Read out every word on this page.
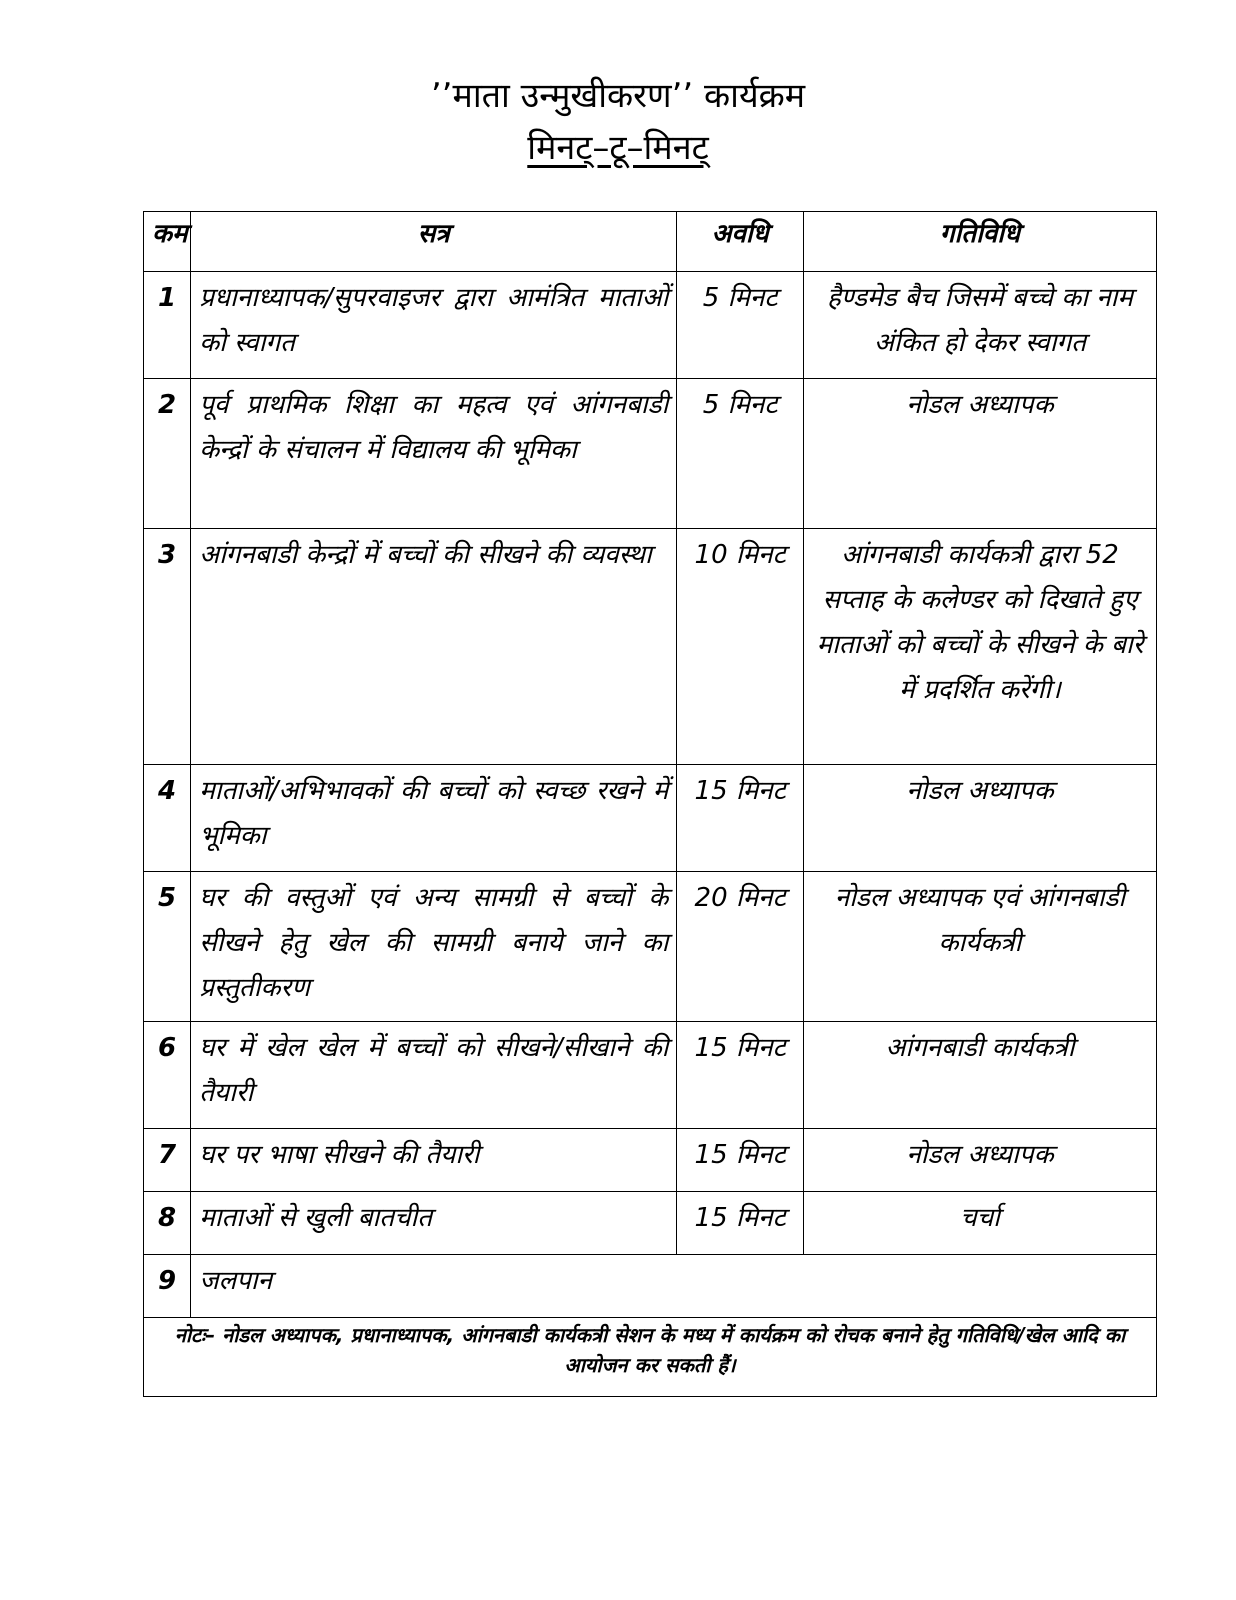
’’माता उन्मुखीकरण’’ कार्यक्रम
मिनट्–टू–मिनट्
कम	सत्र	अवधि	गतिविधि
1	प्रधानाध्यापक/सुपरवाइजर द्वारा आमंत्रित माताओं को स्वागत	5 मिनट	हैण्डमेड बैच जिसमें बच्चे का नाम अंकित हो देकर स्वागत
2	पूर्व प्राथमिक शिक्षा का महत्व एवं आंगनबाडी केन्द्रों के संचालन में विद्यालय की भूमिका	5 मिनट	नोडल अध्यापक
3	आंगनबाडी केन्द्रों में बच्चों की सीखने की व्यवस्था	10 मिनट	आंगनबाडी कार्यकत्री द्वारा 52 सप्ताह के कलेण्डर को दिखाते हुए माताओं को बच्चों के सीखने के बारे में प्रदर्शित करेंगी।
4	माताओं/अभिभावकों की बच्चों को स्वच्छ रखने में भूमिका	15 मिनट	नोडल अध्यापक
5	घर की वस्तुओं एवं अन्य सामग्री से बच्चों के सीखने हेतु खेल की सामग्री बनाये जाने का प्रस्तुतीकरण	20 मिनट	नोडल अध्यापक एवं आंगनबाडी कार्यकत्री
6	घर में खेल खेल में बच्चों को सीखने/सीखाने की तैयारी	15 मिनट	आंगनबाडी कार्यकत्री
7	घर पर भाषा सीखने की तैयारी	15 मिनट	नोडल अध्यापक
8	माताओं से खुली बातचीत	15 मिनट	चर्चा
9	जलपान		
नोटः– नोडल अध्यापक, प्रधानाध्यापक, आंगनबाडी कार्यकत्री सेशन के मध्य में कार्यक्रम को रोचक बनाने हेतु गतिविधि/खेल आदि का आयोजन कर सकती हैं।			
